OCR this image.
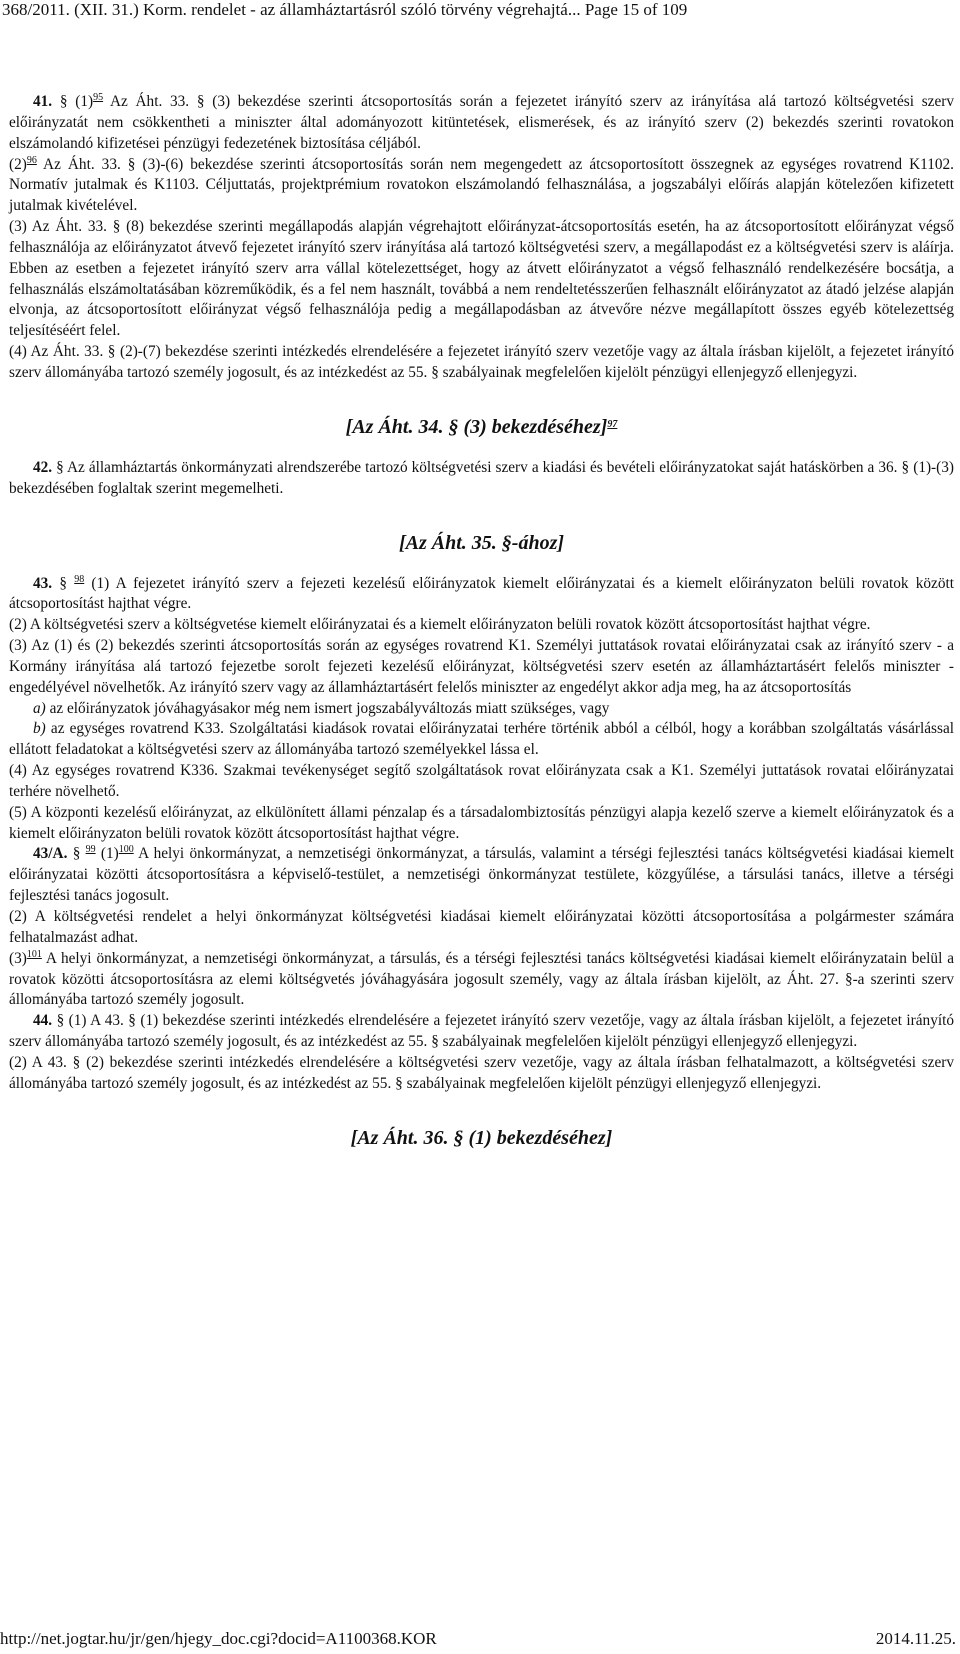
368/2011. (XII. 31.) Korm. rendelet - az államháztartásról szóló törvény végrehajtá... Page 15 of 109

41. § (1)$^{95}$ Az Áht. 33. § (3) bekezdése szerinti átcsoportosítás során a fejezetet irányító szerv az irányítása alá tartozó költségvetési szerv előirányzatát nem csökkentheti a miniszter által adományozott kitüntetések, elismerések, és az irányító szerv (2) bekezdés szerinti rovatokon elszámolandó kifizetései pénzügyi fedezetének biztosítása céljából.

(2)$^{96}$ Az Áht. 33. § (3)-(6) bekezdése szerinti átcsoportosítás során nem megengedett az átcsoportosított összegnek az egységes rovatrend K1102. Normatív jutalmak és K1103. Céljuttatás, projektprémium rovatokon elszámolandó felhasználása, a jogszabályi előírás alapján kötelezően kifizetett jutalmak kivételével.

(3) Az Áht. 33. § (8) bekezdése szerinti megállapodás alapján végrehajtott előirányzat-átcsoportosítás esetén, ha az átcsoportosított előirányzat végső felhasználója az előirányzatot átvevő fejezetet irányító szerv irányítása alá tartozó költségvetési szerv, a megállapodást ez a költségvetési szerv is aláírja. Ebben az esetben a fejezetet irányító szerv arra vállal kötelezettséget, hogy az átvett előirányzatot a végső felhasználó rendelkezésére bocsátja, a felhasználás elszámoltatásában közreműködik, és a fel nem használt, továbbá a nem rendeltetésszerűen felhasznált előirányzatot az átadó jelzése alapján elvonja, az átcsoportosított előirányzat végső felhasználója pedig a megállapodásban az átvevőre nézve megállapított összes egyéb kötelezettség teljesítéséért felel.

(4) Az Áht. 33. § (2)-(7) bekezdése szerinti intézkedés elrendelésére a fejezetet irányító szerv vezetője vagy az általa írásban kijelölt, a fejezetet irányító szerv állományába tartozó személy jogosult, és az intézkedést az 55. § szabályainak megfelelően kijelölt pénzügyi ellenjegyző ellenjegyzi.

[Az Áht. 34. § (3) bekezdéséhez]$^{97}$

42. § Az államháztartás önkormányzati alrendszerébe tartozó költségvetési szerv a kiadási és bevételi előirányzatokat saját hatáskörben a 36. § (1)-(3) bekezdésében foglaltak szerint megemelheti.

[Az Áht. 35. §-ához]

43. § $^{98}$ (1) A fejezetet irányító szerv a fejezeti kezelésű előirányzatok kiemelt előirányzatai és a kiemelt előirányzaton belüli rovatok között átcsoportosítást hajthat végre.

(2) A költségvetési szerv a költségvetése kiemelt előirányzatai és a kiemelt előirányzaton belüli rovatok között átcsoportosítást hajthat végre.

(3) Az (1) és (2) bekezdés szerinti átcsoportosítás során az egységes rovatrend K1. Személyi juttatások rovatai előirányzatai csak az irányító szerv - a Kormány irányítása alá tartozó fejezetbe sorolt fejezeti kezelésű előirányzat, költségvetési szerv esetén az államháztartásért felelős miniszter - engedélyével növelhetők. Az irányító szerv vagy az államháztartásért felelős miniszter az engedélyt akkor adja meg, ha az átcsoportosítás

a) az előirányzatok jóváhagyásakor még nem ismert jogszabályváltozás miatt szükséges, vagy

b) az egységes rovatrend K33. Szolgáltatási kiadások rovatai előirányzatai terhére történik abból a célból, hogy a korábban szolgáltatás vásárlással ellátott feladatokat a költségvetési szerv az állományába tartozó személyekkel lássa el.

(4) Az egységes rovatrend K336. Szakmai tevékenységet segítő szolgáltatások rovat előirányzata csak a K1. Személyi juttatások rovatai előirányzatai terhére növelhető.

(5) A központi kezelésű előirányzat, az elkülönített állami pénzalap és a társadalombiztosítás pénzügyi alapja kezelő szerve a kiemelt előirányzatok és a kiemelt előirányzaton belüli rovatok között átcsoportosítást hajthat végre.

43/A. § $^{99}$ (1)$^{100}$ A helyi önkormányzat, a nemzetiségi önkormányzat, a társulás, valamint a térségi fejlesztési tanács költségvetési kiadásai kiemelt előirányzatai közötti átcsoportosításra a képviselő-testület, a nemzetiségi önkormányzat testülete, közgyűlése, a társulási tanács, illetve a térségi fejlesztési tanács jogosult.

(2) A költségvetési rendelet a helyi önkormányzat költségvetési kiadásai kiemelt előirányzatai közötti átcsoportosítása a polgármester számára felhatalmazást adhat.

(3)$^{101}$ A helyi önkormányzat, a nemzetiségi önkormányzat, a társulás, és a térségi fejlesztési tanács költségvetési kiadásai kiemelt előirányzatain belül a rovatok közötti átcsoportosításra az elemi költségvetés jóváhagyására jogosult személy, vagy az általa írásban kijelölt, az Áht. 27. §-a szerinti szerv állományába tartozó személy jogosult.

44. § (1) A 43. § (1) bekezdése szerinti intézkedés elrendelésére a fejezetet irányító szerv vezetője, vagy az általa írásban kijelölt, a fejezetet irányító szerv állományába tartozó személy jogosult, és az intézkedést az 55. § szabályainak megfelelően kijelölt pénzügyi ellenjegyző ellenjegyzi.

(2) A 43. § (2) bekezdése szerinti intézkedés elrendelésére a költségvetési szerv vezetője, vagy az általa írásban felhatalmazott, a költségvetési szerv állományába tartozó személy jogosult, és az intézkedést az 55. § szabályainak megfelelően kijelölt pénzügyi ellenjegyző ellenjegyzi.

[Az Áht. 36. § (1) bekezdéséhez]

http://net.jogtar.hu/jr/gen/hjegy_doc.cgi?docid=A1100368.KOR	2014.11.25.
